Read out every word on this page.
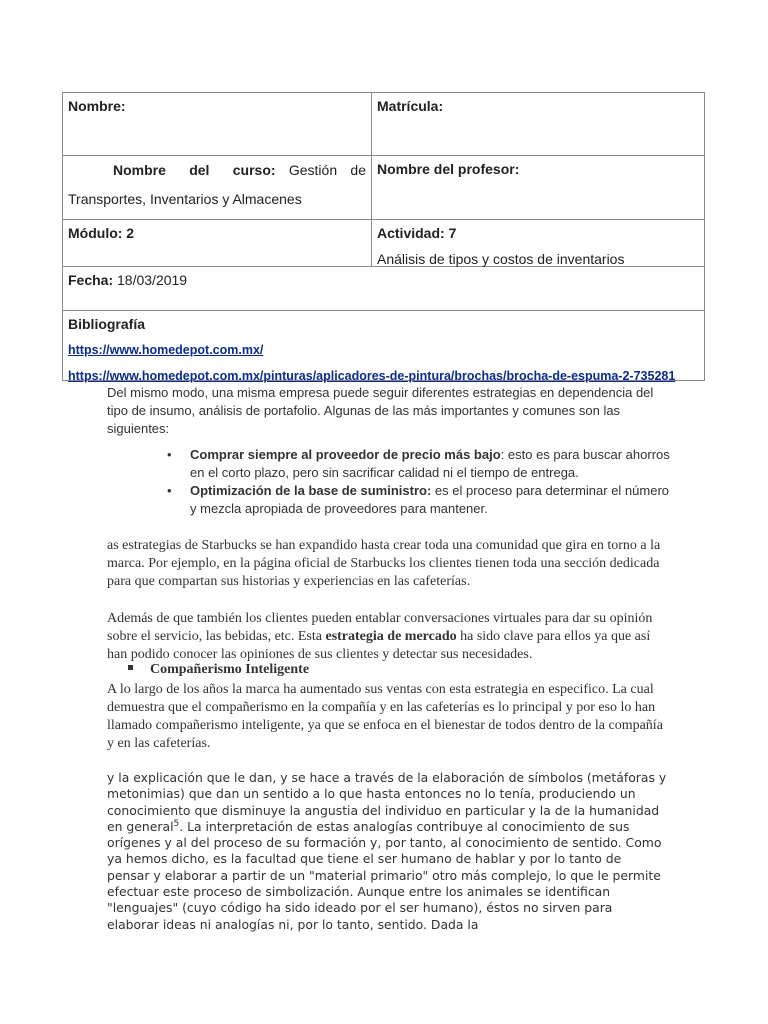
Nombre:	Matrícula:
Nombre del curso: Gestión de Transportes, Inventarios y Almacenes
Nombre del profesor:
Módulo: 2	Actividad: 7
Análisis de tipos y costos de inventarios
Fecha: 18/03/2019
Bibliografía
https://www.homedepot.com.mx/
https://www.homedepot.com.mx/pinturas/aplicadores-de-pintura/brochas/brocha-de-espuma-2-735281
Del mismo modo, una misma empresa puede seguir diferentes estrategias en dependencia del tipo de insumo, análisis de portafolio. Algunas de las más importantes y comunes son las siguientes:
• Comprar siempre al proveedor de precio más bajo: esto es para buscar ahorros en el corto plazo, pero sin sacrificar calidad ni el tiempo de entrega.
• Optimización de la base de suministro: es el proceso para determinar el número y mezcla apropiada de proveedores para mantener.
as estrategias de Starbucks se han expandido hasta crear toda una comunidad que gira en torno a la marca. Por ejemplo, en la página oficial de Starbucks los clientes tienen toda una sección dedicada para que compartan sus historias y experiencias en las cafeterías.
Además de que también los clientes pueden entablar conversaciones virtuales para dar su opinión sobre el servicio, las bebidas, etc. Esta estrategia de mercado ha sido clave para ellos ya que así han podido conocer las opiniones de sus clientes y detectar sus necesidades.
Compañerismo Inteligente
A lo largo de los años la marca ha aumentado sus ventas con esta estrategia en especifico. La cual demuestra que el compañerismo en la compañía y en las cafeterías es lo principal y por eso lo han llamado compañerismo inteligente, ya que se enfoca en el bienestar de todos dentro de la compañía y en las cafeterías.
y la explicación que le dan, y se hace a través de la elaboración de símbolos (metáforas y metonimias) que dan un sentido a lo que hasta entonces no lo tenía, produciendo un conocimiento que disminuye la angustia del individuo en particular y la de la humanidad en general$^5$. La interpretación de estas analogías contribuye al conocimiento de sus orígenes y al del proceso de su formación y, por tanto, al conocimiento de sentido. Como ya hemos dicho, es la facultad que tiene el ser humano de hablar y por lo tanto de pensar y elaborar a partir de un "material primario" otro más complejo, lo que le permite efectuar este proceso de simbolización. Aunque entre los animales se identifican "lenguajes" (cuyo código ha sido ideado por el ser humano), éstos no sirven para elaborar ideas ni analogías ni, por lo tanto, sentido. Dada la
